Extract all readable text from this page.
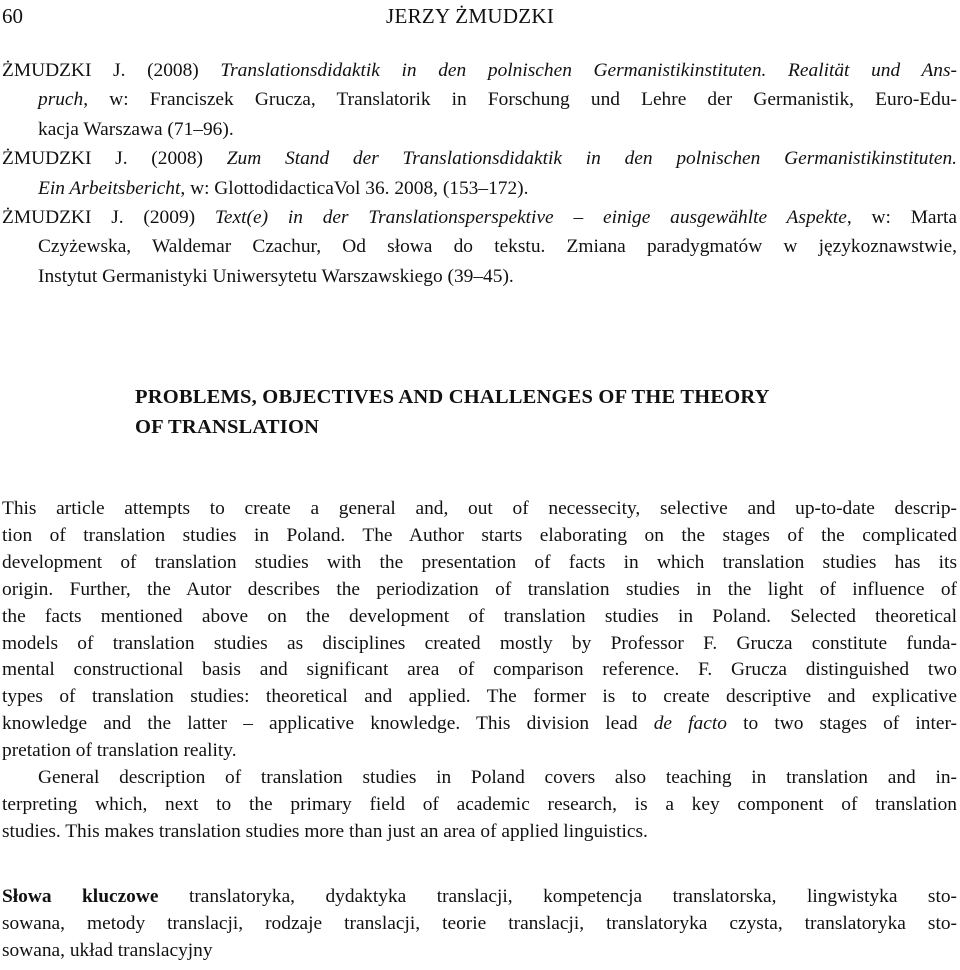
60	JERZY ŻMUDZKI
ŻMUDZKI J. (2008) Translationsdidaktik in den polnischen Germanistikinstituten. Realität und Ans-
pruch, w: Franciszek Grucza, Translatorik in Forschung und Lehre der Germanistik, Euro-Edu-
kacja Warszawa (71–96).
ŻMUDZKI J. (2008) Zum Stand der Translationsdidaktik in den polnischen Germanistikinstituten.
Ein Arbeitsbericht, w: GlottodidacticaVol 36. 2008, (153–172).
ŻMUDZKI J. (2009) Text(e) in der Translationsperspektive – einige ausgewählte Aspekte, w: Marta
Czyżewska, Waldemar Czachur, Od słowa do tekstu. Zmiana paradygmatów w językoznawstwie,
Instytut Germanistyki Uniwersytetu Warszawskiego (39–45).
PROBLEMS, OBJECTIVES AND CHALLENGES OF THE THEORY
OF TRANSLATION
This article attempts to create a general and, out of necessecity, selective and up-to-date descrip-
tion of translation studies in Poland. The Author starts elaborating on the stages of the complicated
development of translation studies with the presentation of facts in which translation studies has its
origin. Further, the Autor describes the periodization of translation studies in the light of influence of
the facts mentioned above on the development of translation studies in Poland. Selected theoretical
models of translation studies as disciplines created mostly by Professor F. Grucza constitute funda-
mental constructional basis and significant area of comparison reference. F. Grucza distinguished two
types of translation studies: theoretical and applied. The former is to create descriptive and explicative
knowledge and the latter – applicative knowledge. This division lead de facto to two stages of inter-
pretation of translation reality.
General description of translation studies in Poland covers also teaching in translation and in-
terpreting which, next to the primary field of academic research, is a key component of translation
studies. This makes translation studies more than just an area of applied linguistics.
Słowa kluczowe translatoryka, dydaktyka translacji, kompetencja translatorska, lingwistyka sto-
sowana, metody translacji, rodzaje translacji, teorie translacji, translatoryka czysta, translatoryka sto-
sowana, układ translacyjny
